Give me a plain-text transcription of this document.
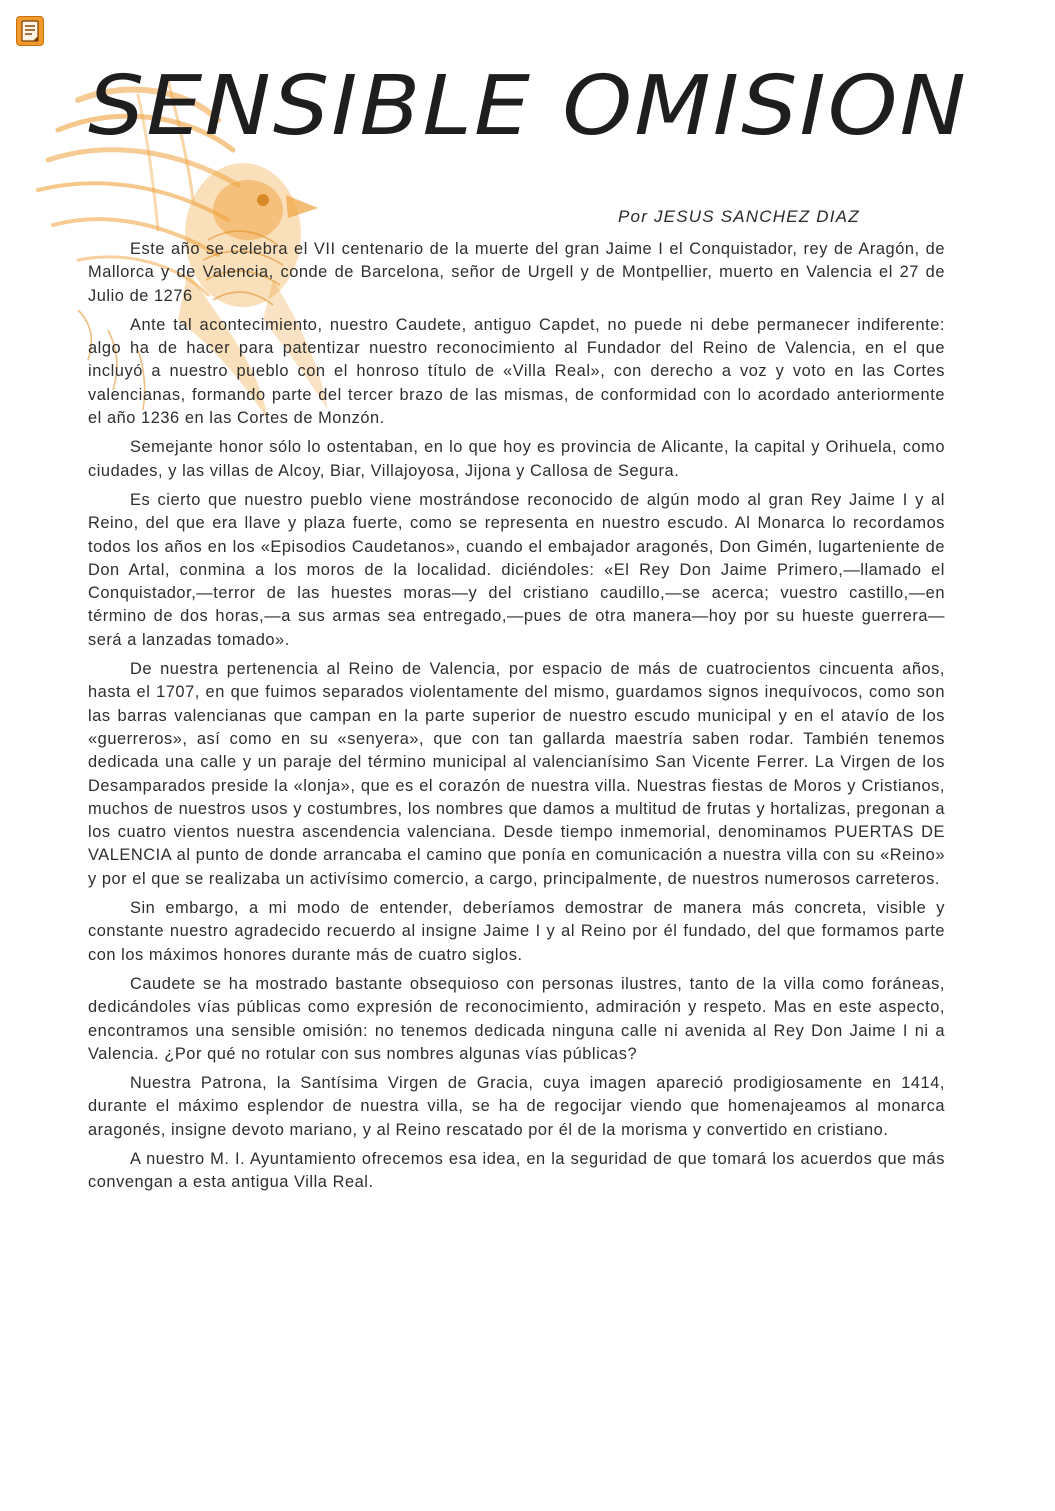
SENSIBLE OMISION
Por JESUS SANCHEZ DIAZ

Este año se celebra el VII centenario de la muerte del gran Jaime I el Conquistador, rey de Aragón, de Mallorca y de Valencia, conde de Barcelona, señor de Urgell y de Montpellier, muerto en Valencia el 27 de Julio de 1276

Ante tal acontecimiento, nuestro Caudete, antiguo Capdet, no puede ni debe permanecer indiferente: algo ha de hacer para patentizar nuestro reconocimiento al Fundador del Reino de Valencia, en el que incluyó a nuestro pueblo con el honroso título de «Villa Real», con derecho a voz y voto en las Cortes valencianas, formando parte del tercer brazo de las mismas, de conformidad con lo acordado anteriormente el año 1236 en las Cortes de Monzón.

Semejante honor sólo lo ostentaban, en lo que hoy es provincia de Alicante, la capital y Orihuela, como ciudades, y las villas de Alcoy, Biar, Villajoyosa, Jijona y Callosa de Segura.

Es cierto que nuestro pueblo viene mostrándose reconocido de algún modo al gran Rey Jaime I y al Reino, del que era llave y plaza fuerte, como se representa en nuestro escudo. Al Monarca lo recordamos todos los años en los «Episodios Caudetanos», cuando el embajador aragonés, Don Gimén, lugarteniente de Don Artal, conmina a los moros de la localidad. diciéndoles: «El Rey Don Jaime Primero,—llamado el Conquistador,—terror de las huestes moras—y del cristiano caudillo,—se acerca; vuestro castillo,—en término de dos horas,—a sus armas sea entregado,—pues de otra manera—hoy por su hueste guerrera—será a lanzadas tomado».

De nuestra pertenencia al Reino de Valencia, por espacio de más de cuatrocientos cincuenta años, hasta el 1707, en que fuimos separados violentamente del mismo, guardamos signos inequívocos, como son las barras valencianas que campan en la parte superior de nuestro escudo municipal y en el atavío de los «guerreros», así como en su «senyera», que con tan gallarda maestría saben rodar. También tenemos dedicada una calle y un paraje del término municipal al valencianísimo San Vicente Ferrer. La Virgen de los Desamparados preside la «lonja», que es el corazón de nuestra villa. Nuestras fiestas de Moros y Cristianos, muchos de nuestros usos y costumbres, los nombres que damos a multitud de frutas y hortalizas, pregonan a los cuatro vientos nuestra ascendencia valenciana. Desde tiempo inmemorial, denominamos PUERTAS DE VALENCIA al punto de donde arrancaba el camino que ponía en comunicación a nuestra villa con su «Reino» y por el que se realizaba un activísimo comercio, a cargo, principalmente, de nuestros numerosos carreteros.

Sin embargo, a mi modo de entender, deberíamos demostrar de manera más concreta, visible y constante nuestro agradecido recuerdo al insigne Jaime I y al Reino por él fundado, del que formamos parte con los máximos honores durante más de cuatro siglos.

Caudete se ha mostrado bastante obsequioso con personas ilustres, tanto de la villa como foráneas, dedicándoles vías públicas como expresión de reconocimiento, admiración y respeto. Mas en este aspecto, encontramos una sensible omisión: no tenemos dedicada ninguna calle ni avenida al Rey Don Jaime I ni a Valencia. ¿Por qué no rotular con sus nombres algunas vías públicas?

Nuestra Patrona, la Santísima Virgen de Gracia, cuya imagen apareció prodigiosamente en 1414, durante el máximo esplendor de nuestra villa, se ha de regocijar viendo que homenajeamos al monarca aragonés, insigne devoto mariano, y al Reino rescatado por él de la morisma y convertido en cristiano.

A nuestro M. I. Ayuntamiento ofrecemos esa idea, en la seguridad de que tomará los acuerdos que más convengan a esta antigua Villa Real.
